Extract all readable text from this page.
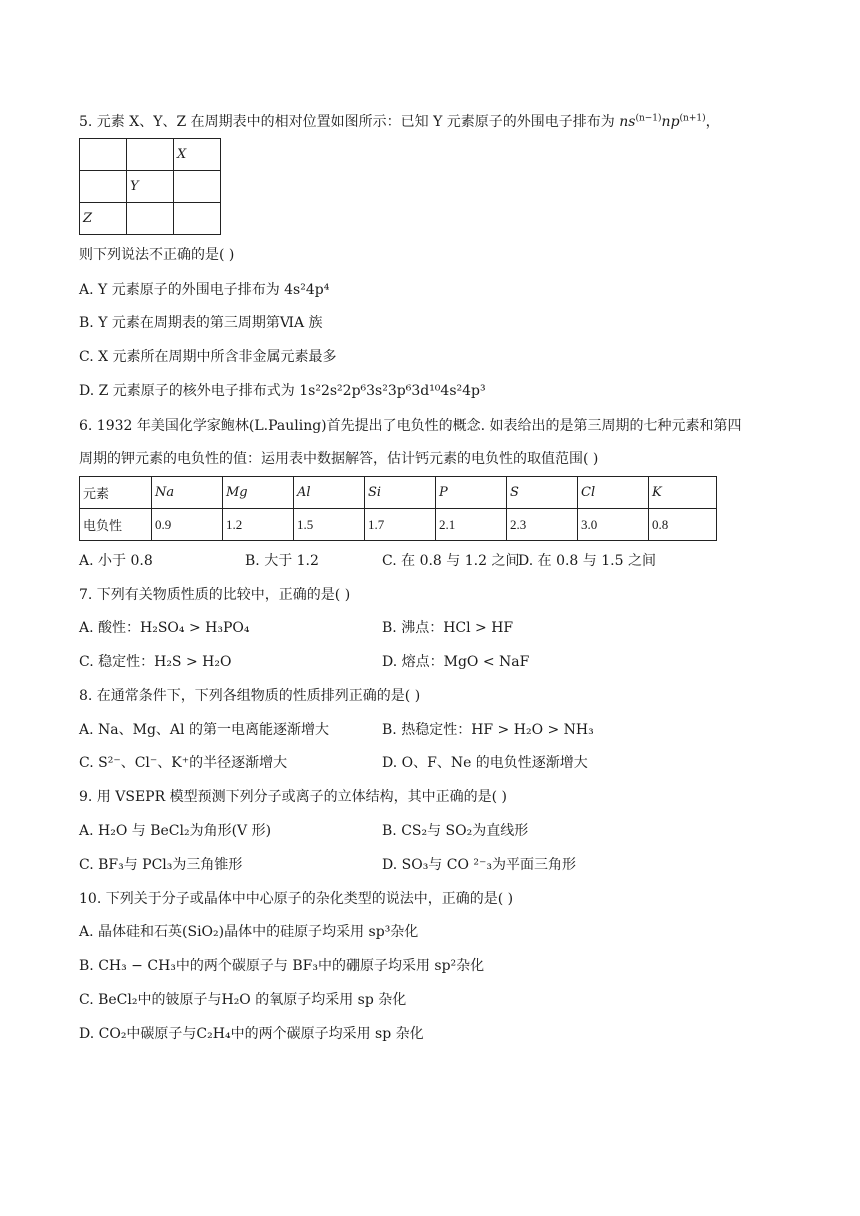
5. 元素 X、Y、Z 在周期表中的相对位置如图所示：已知 Y 元素原子的外围电子排布为 $ns^{(n-1)}np^{(n+1)}$，
		X
	Y	
Z		
则下列说法不正确的是( )
A. Y 元素原子的外围电子排布为 4s²4p⁴
B. Y 元素在周期表的第三周期第ⅥA 族
C. X 元素所在周期中所含非金属元素最多
D. Z 元素原子的核外电子排布式为 1s²2s²2p⁶3s²3p⁶3d¹⁰4s²4p³
6. 1932 年美国化学家鲍林(L.Pauling)首先提出了电负性的概念. 如表给出的是第三周期的七种元素和第四
周期的钾元素的电负性的值：运用表中数据解答，估计钙元素的电负性的取值范围( )
元素	Na	Mg	Al	Si	P	S	Cl	K
电负性	0.9	1.2	1.5	1.7	2.1	2.3	3.0	0.8
A. 小于 0.8	B. 大于 1.2	C. 在 0.8 与 1.2 之间
D. 在 0.8 与 1.5 之间
7. 下列有关物质性质的比较中，正确的是( )
A. 酸性：H₂SO₄ > H₃PO₄	B. 沸点：HCl > HF
C. 稳定性：H₂S > H₂O	D. 熔点：MgO < NaF
8. 在通常条件下，下列各组物质的性质排列正确的是( )
A. Na、Mg、Al 的第一电离能逐渐增大	B. 热稳定性：HF > H₂O > NH₃
C. S²⁻、Cl⁻、K⁺的半径逐渐增大	D. O、F、Ne 的电负性逐渐增大
9. 用 VSEPR 模型预测下列分子或离子的立体结构，其中正确的是( )
A. H₂O 与 BeCl₂为角形(V 形)	B. CS₂与 SO₂为直线形
C. BF₃与 PCl₃为三角锥形	D. SO₃与 CO ²⁻₃为平面三角形
10. 下列关于分子或晶体中中心原子的杂化类型的说法中，正确的是( )
A. 晶体硅和石英(SiO₂)晶体中的硅原子均采用 sp³杂化
B. CH₃ − CH₃中的两个碳原子与 BF₃中的硼原子均采用 sp²杂化
C. BeCl₂中的铍原子与H₂O 的氧原子均采用 sp 杂化
D. CO₂中碳原子与C₂H₄中的两个碳原子均采用 sp 杂化
